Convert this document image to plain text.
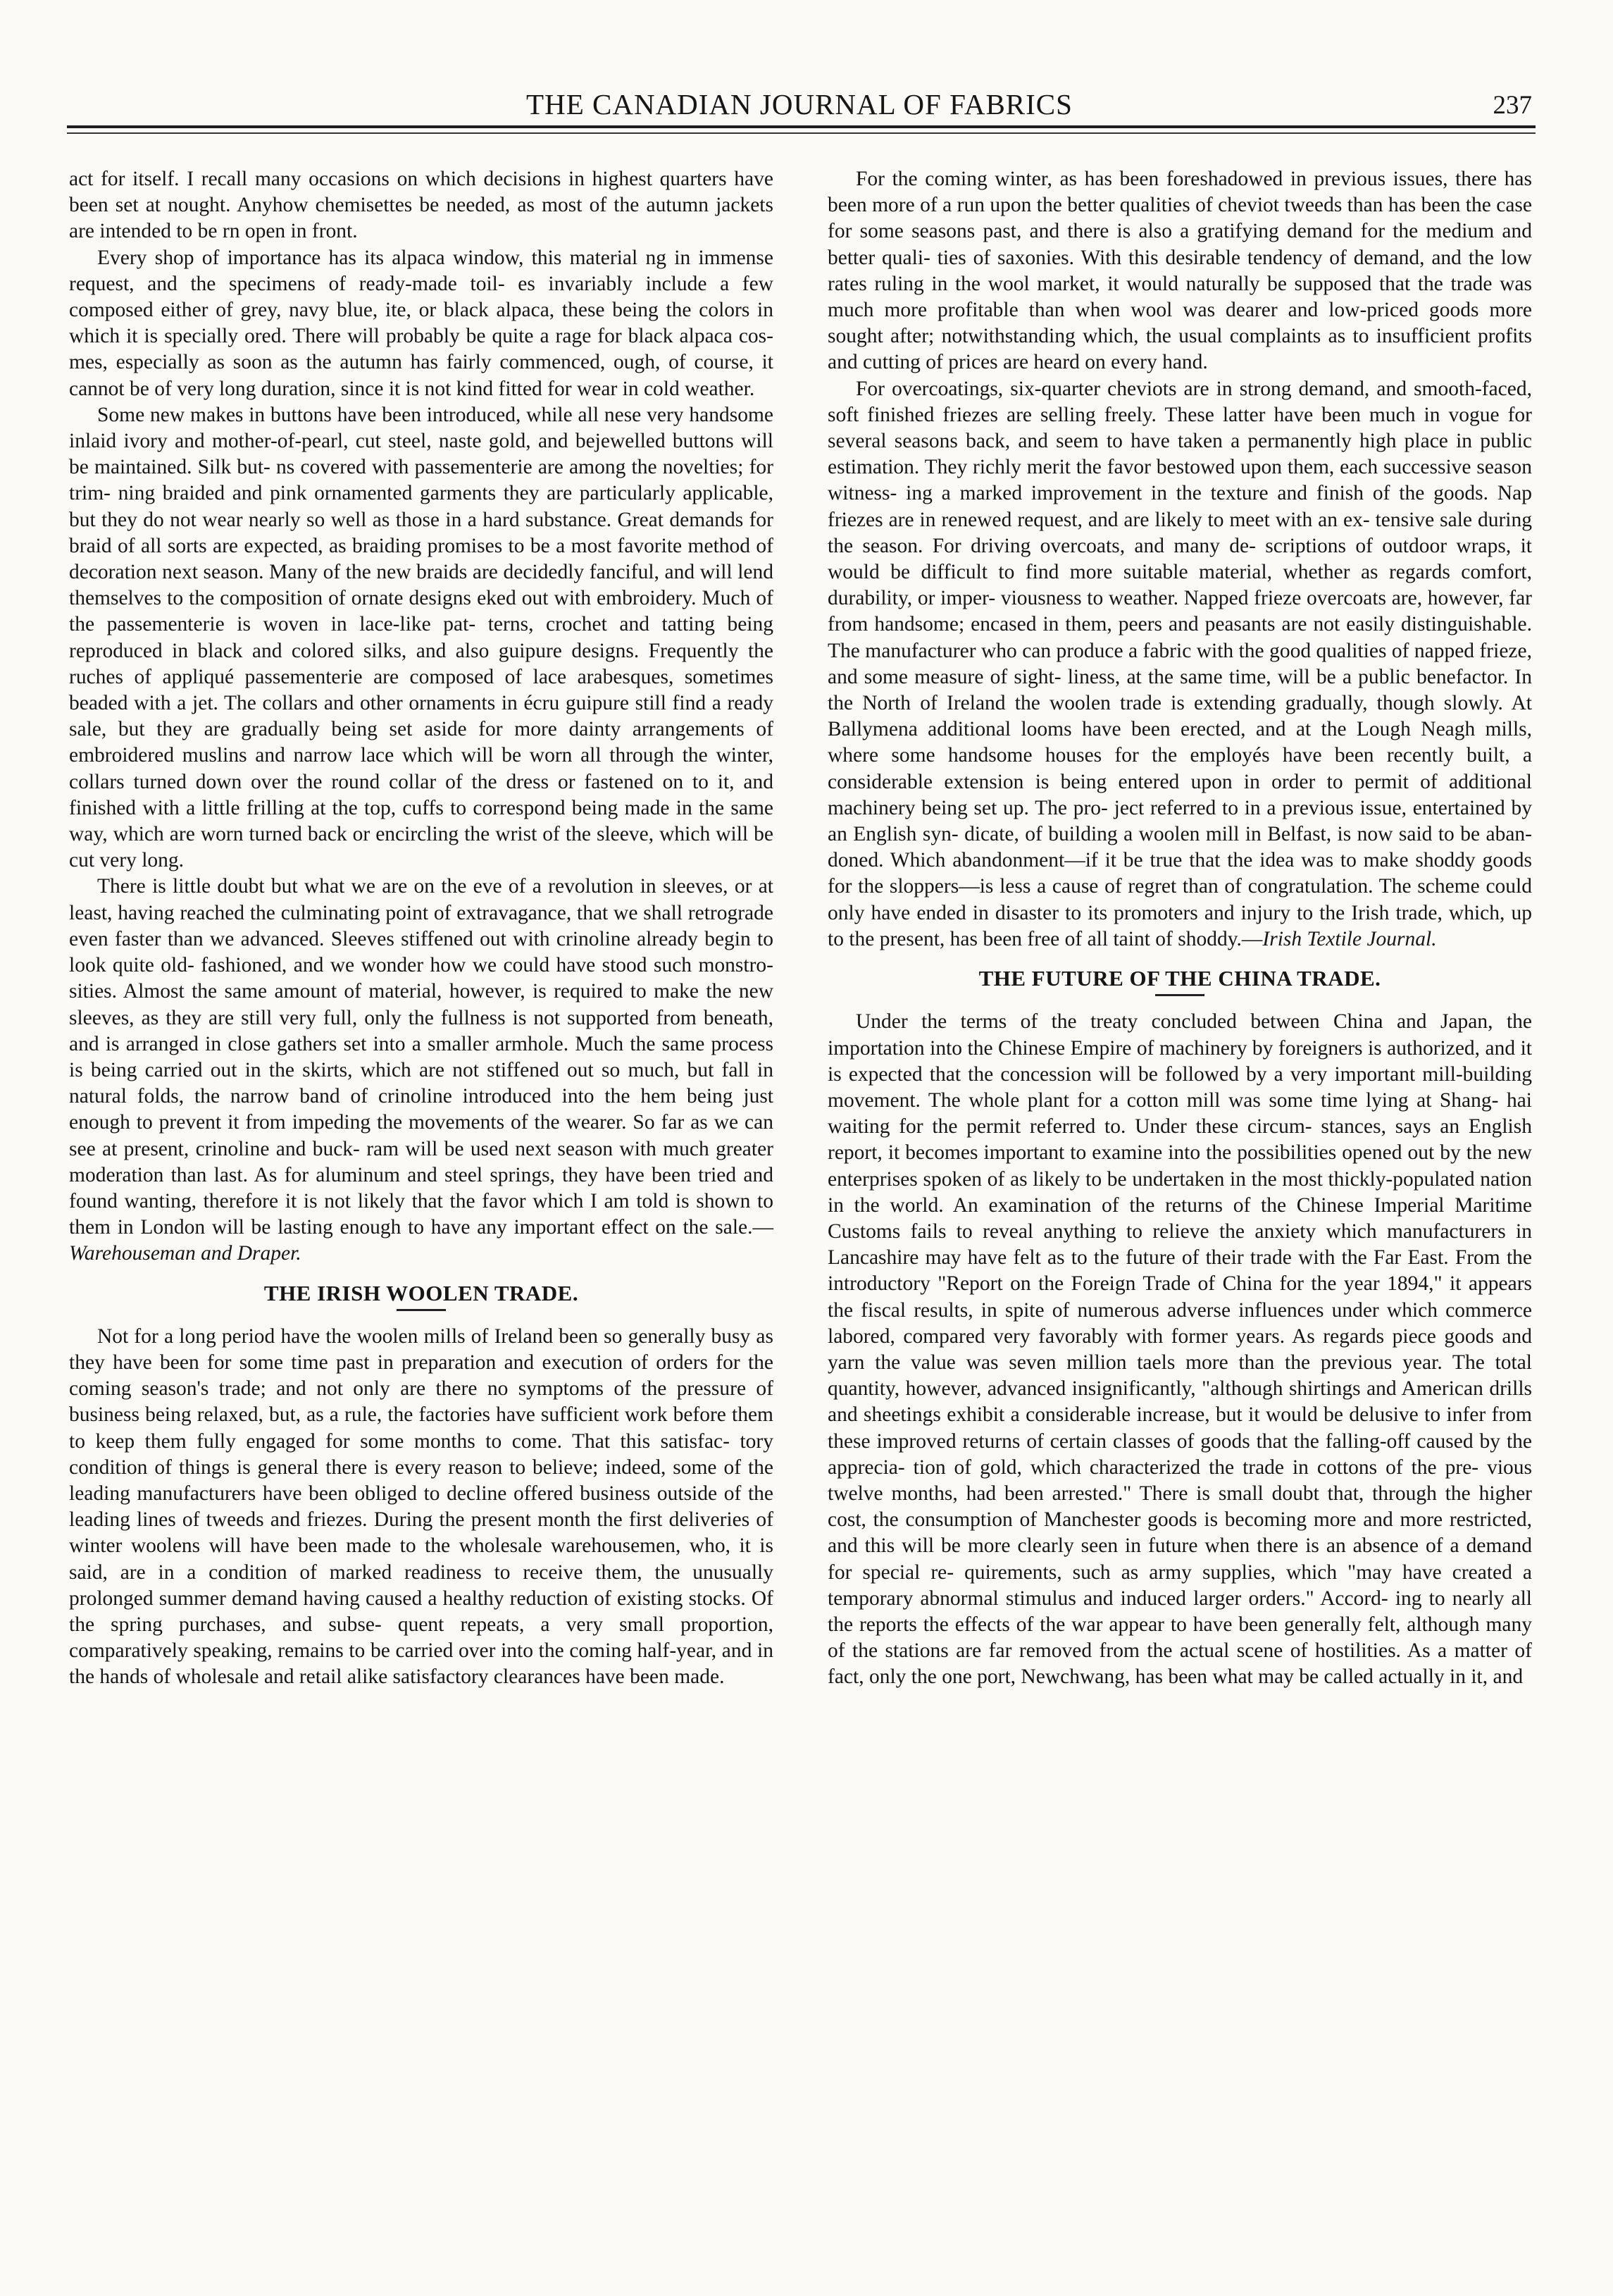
THE CANADIAN JOURNAL OF FABRICS	237

act for itself. I recall many occasions on which decisions in highest quarters have been set at nought. Anyhow chemisettes be needed, as most of the autumn jackets are intended to be rn open in front.

Every shop of importance has its alpaca window, this material ng in immense request, and the specimens of ready-made toil- es invariably include a few composed either of grey, navy blue, ite, or black alpaca, these being the colors in which it is specially ored. There will probably be quite a rage for black alpaca cos- mes, especially as soon as the autumn has fairly commenced, ough, of course, it cannot be of very long duration, since it is not kind fitted for wear in cold weather.

Some new makes in buttons have been introduced, while all nese very handsome inlaid ivory and mother-of-pearl, cut steel, naste gold, and bejewelled buttons will be maintained. Silk but- ns covered with passementerie are among the novelties; for trim- ning braided and pink ornamented garments they are particularly applicable, but they do not wear nearly so well as those in a hard substance. Great demands for braid of all sorts are expected, as braiding promises to be a most favorite method of decoration next season. Many of the new braids are decidedly fanciful, and will lend themselves to the composition of ornate designs eked out with embroidery. Much of the passementerie is woven in lace-like pat- terns, crochet and tatting being reproduced in black and colored silks, and also guipure designs. Frequently the ruches of appliqué passementerie are composed of lace arabesques, sometimes beaded with a jet. The collars and other ornaments in écru guipure still find a ready sale, but they are gradually being set aside for more dainty arrangements of embroidered muslins and narrow lace which will be worn all through the winter, collars turned down over the round collar of the dress or fastened on to it, and finished with a little frilling at the top, cuffs to correspond being made in the same way, which are worn turned back or encircling the wrist of the sleeve, which will be cut very long.

There is little doubt but what we are on the eve of a revolution in sleeves, or at least, having reached the culminating point of extravagance, that we shall retrograde even faster than we advanced. Sleeves stiffened out with crinoline already begin to look quite old- fashioned, and we wonder how we could have stood such monstro- sities. Almost the same amount of material, however, is required to make the new sleeves, as they are still very full, only the fullness is not supported from beneath, and is arranged in close gathers set into a smaller armhole. Much the same process is being carried out in the skirts, which are not stiffened out so much, but fall in natural folds, the narrow band of crinoline introduced into the hem being just enough to prevent it from impeding the movements of the wearer. So far as we can see at present, crinoline and buck- ram will be used next season with much greater moderation than last. As for aluminum and steel springs, they have been tried and found wanting, therefore it is not likely that the favor which I am told is shown to them in London will be lasting enough to have any important effect on the sale.—Warehouseman and Draper.

THE IRISH WOOLEN TRADE.

Not for a long period have the woolen mills of Ireland been so generally busy as they have been for some time past in preparation and execution of orders for the coming season's trade; and not only are there no symptoms of the pressure of business being relaxed, but, as a rule, the factories have sufficient work before them to keep them fully engaged for some months to come. That this satisfac- tory condition of things is general there is every reason to believe; indeed, some of the leading manufacturers have been obliged to decline offered business outside of the leading lines of tweeds and friezes. During the present month the first deliveries of winter woolens will have been made to the wholesale warehousemen, who, it is said, are in a condition of marked readiness to receive them, the unusually prolonged summer demand having caused a healthy reduction of existing stocks. Of the spring purchases, and subse- quent repeats, a very small proportion, comparatively speaking, remains to be carried over into the coming half-year, and in the hands of wholesale and retail alike satisfactory clearances have been made.

For the coming winter, as has been foreshadowed in previous issues, there has been more of a run upon the better qualities of cheviot tweeds than has been the case for some seasons past, and there is also a gratifying demand for the medium and better quali- ties of saxonies. With this desirable tendency of demand, and the low rates ruling in the wool market, it would naturally be supposed that the trade was much more profitable than when wool was dearer and low-priced goods more sought after; notwithstanding which, the usual complaints as to insufficient profits and cutting of prices are heard on every hand.

For overcoatings, six-quarter cheviots are in strong demand, and smooth-faced, soft finished friezes are selling freely. These latter have been much in vogue for several seasons back, and seem to have taken a permanently high place in public estimation. They richly merit the favor bestowed upon them, each successive season witness- ing a marked improvement in the texture and finish of the goods. Nap friezes are in renewed request, and are likely to meet with an ex- tensive sale during the season. For driving overcoats, and many de- scriptions of outdoor wraps, it would be difficult to find more suitable material, whether as regards comfort, durability, or imper- viousness to weather. Napped frieze overcoats are, however, far from handsome; encased in them, peers and peasants are not easily distinguishable. The manufacturer who can produce a fabric with the good qualities of napped frieze, and some measure of sight- liness, at the same time, will be a public benefactor. In the North of Ireland the woolen trade is extending gradually, though slowly. At Ballymena additional looms have been erected, and at the Lough Neagh mills, where some handsome houses for the employés have been recently built, a considerable extension is being entered upon in order to permit of additional machinery being set up. The pro- ject referred to in a previous issue, entertained by an English syn- dicate, of building a woolen mill in Belfast, is now said to be aban- doned. Which abandonment—if it be true that the idea was to make shoddy goods for the sloppers—is less a cause of regret than of congratulation. The scheme could only have ended in disaster to its promoters and injury to the Irish trade, which, up to the present, has been free of all taint of shoddy.—Irish Textile Journal.

THE FUTURE OF THE CHINA TRADE.

Under the terms of the treaty concluded between China and Japan, the importation into the Chinese Empire of machinery by foreigners is authorized, and it is expected that the concession will be followed by a very important mill-building movement. The whole plant for a cotton mill was some time lying at Shang- hai waiting for the permit referred to. Under these circum- stances, says an English report, it becomes important to examine into the possibilities opened out by the new enterprises spoken of as likely to be undertaken in the most thickly-populated nation in the world. An examination of the returns of the Chinese Imperial Maritime Customs fails to reveal anything to relieve the anxiety which manufacturers in Lancashire may have felt as to the future of their trade with the Far East. From the introductory "Report on the Foreign Trade of China for the year 1894," it appears the fiscal results, in spite of numerous adverse influences under which commerce labored, compared very favorably with former years. As regards piece goods and yarn the value was seven million taels more than the previous year. The total quantity, however, advanced insignificantly, "although shirtings and American drills and sheetings exhibit a considerable increase, but it would be delusive to infer from these improved returns of certain classes of goods that the falling-off caused by the apprecia- tion of gold, which characterized the trade in cottons of the pre- vious twelve months, had been arrested." There is small doubt that, through the higher cost, the consumption of Manchester goods is becoming more and more restricted, and this will be more clearly seen in future when there is an absence of a demand for special re- quirements, such as army supplies, which "may have created a temporary abnormal stimulus and induced larger orders." Accord- ing to nearly all the reports the effects of the war appear to have been generally felt, although many of the stations are far removed from the actual scene of hostilities. As a matter of fact, only the one port, Newchwang, has been what may be called actually in it, and
